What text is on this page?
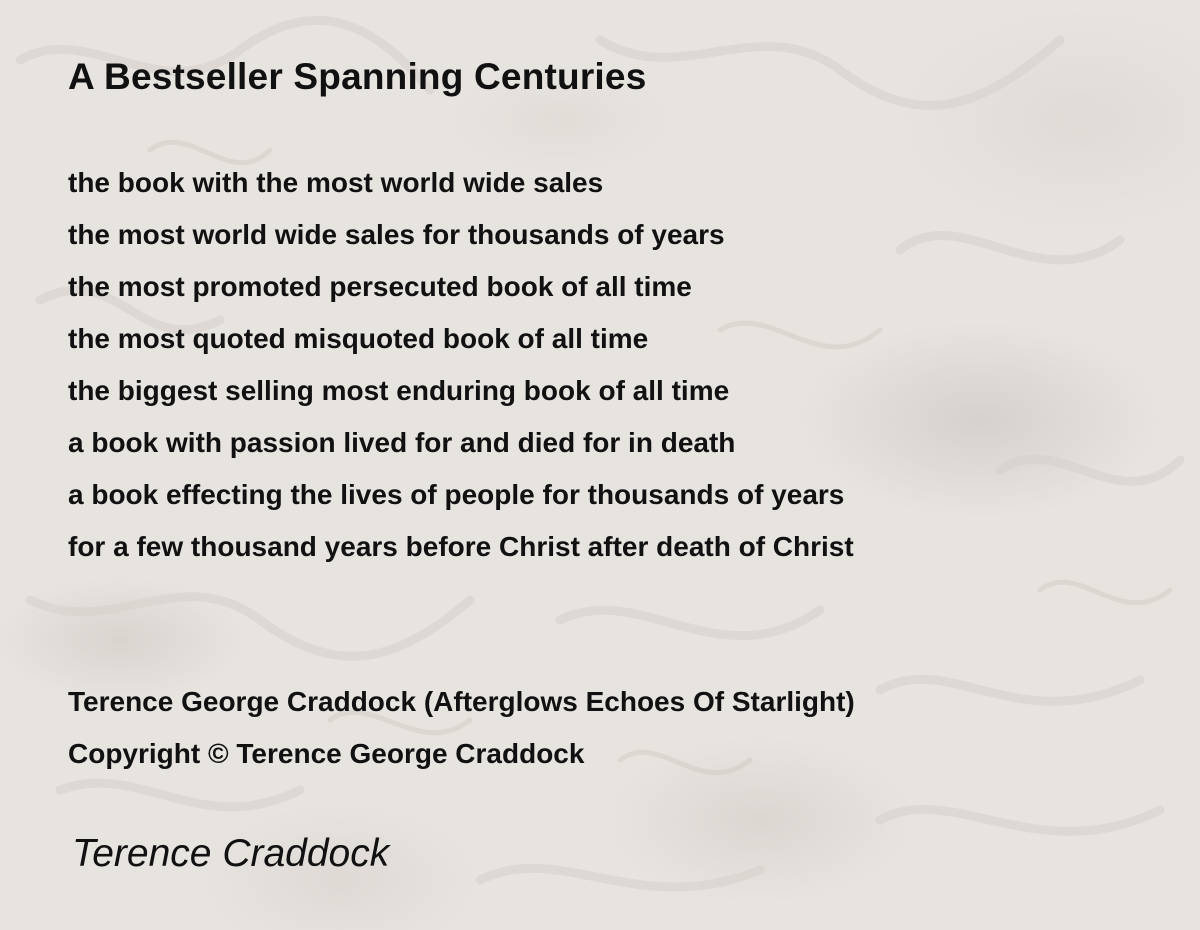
A Bestseller Spanning Centuries
the book with the most world wide sales
the most world wide sales for thousands of years
the most promoted persecuted book of all time
the most quoted misquoted book of all time
the biggest selling most enduring book of all time
a book with passion lived for and died for in death
a book effecting the lives of people for thousands of years
for a few thousand years before Christ after death of Christ
Terence George Craddock (Afterglows Echoes Of Starlight)
Copyright © Terence George Craddock
Terence Craddock
